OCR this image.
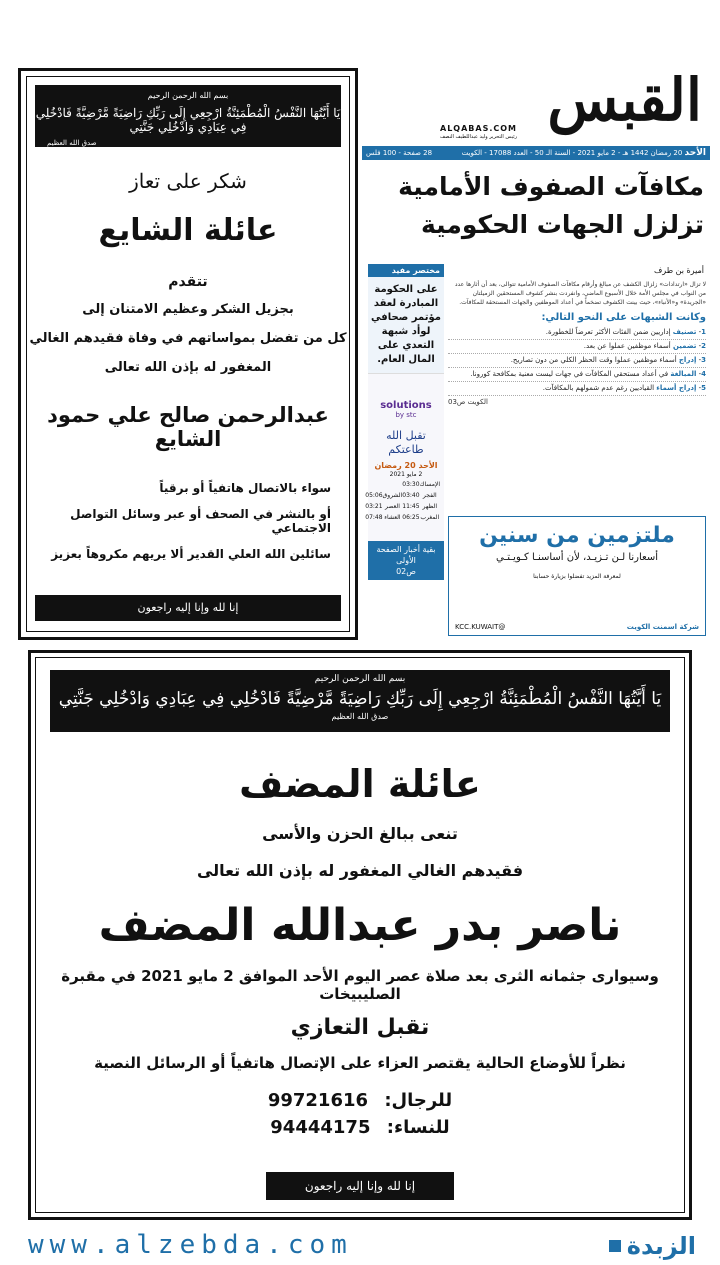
بسم الله الرحمن الرحيم
يَا أَيَّتُهَا النَّفْسُ الْمُطْمَئِنَّةُ ارْجِعِي إِلَى رَبِّكِ رَاضِيَةً مَّرْضِيَّةً فَادْخُلِي فِي عِبَادِي وَادْخُلِي جَنَّتِي
صدق الله العظيم
شكر على تعاز
عائلة الشايع
تتقدم
بجزيل الشكر وعظيم الامتنان إلى
كل من تفضل بمواساتهم في وفاة فقيدهم الغالي
المغفور له بإذن الله تعالى
عبدالرحمن صالح علي حمود الشايع
سواء بالاتصال هاتفياً أو برقياً
أو بالنشر في الصحف أو عبر وسائل التواصل الاجتماعي
سائلين الله العلي القدير ألا يريهم مكروهاً بعزيز
إنا لله وإنا إليه راجعون
القبس
ALQABAS.COM
رئيس التحرير وليد عبداللطيف النصف
الأحد 20 رمضان 1442 هـ - 2 مايو 2021 - السنة الـ 50 - العدد 17088 - الكويت
28 صفحة - 100 فلس
مكافآت الصفوف الأمامية
تزلزل الجهات الحكومية
أميرة بن طرف

لا تزال «ارتدادات» زلزال الكشف عن مبالغ وأرقام مكافآت الصفوف الأمامية تتوالى، بعد أن أثارها عدد من النواب في مجلس الأمة خلال الأسبوع الماضي، وانفردت بنشر كشوف المستحقين الزميلتان «الجريدة» و«الأنباء»، حيث بينت الكشوف تضخماً في أعداد الموظفين والجهات المستحقة للمكافآت.

وكانت الشبهات على النحو التالي:
1- تصنيف إداريين ضمن الفئات الأكثر تعرضاً للخطورة.
2- تضمين أسماء موظفين عملوا عن بعد.
3- إدراج أسماء موظفين عملوا وقت الحظر الكلي من دون تصاريح.
4- المبالغة في أعداد مستحقي المكافآت في جهات ليست معنية بمكافحة كورونا.
5- إدراج أسماء القياديين رغم عدم شمولهم بالمكافآت.
الكويت ص03
مختصر مفيد
على الحكومة المبادرة لعقد مؤتمر صحافي لوأد شبهة التعدي على المال العام.
solutions
by stc
تقبل الله طاعتكم
الأحد 20 رمضان
2 مايو 2021
الإمساك	03:30		
الفجر	03:40	الشروق	05:06
الظهر	11:45	العصر	03:21
المغرب	06:25	العشاء	07:48
بقية أخبار الصفحة الأولى
ص02
ملتزمين من سنين
أسعارنا لـن تـزيـد، لأن أساسنـا كـويـتـي
لمعرفة المزيد تفضلوا بزيارة حسابنا
شركة اسمنت الكويت
@KCC.KUWAIT
بسم الله الرحمن الرحيم
يَا أَيَّتُهَا النَّفْسُ الْمُطْمَئِنَّةُ ارْجِعِي إِلَى رَبِّكِ رَاضِيَةً مَّرْضِيَّةً فَادْخُلِي فِي عِبَادِي وَادْخُلِي جَنَّتِي
صدق الله العظيم
عائلة المضف
تنعى ببالغ الحزن والأسى
فقيدهم الغالي المغفور له بإذن الله تعالى
ناصر بدر عبدالله المضف
وسيوارى جثمانه الثرى بعد صلاة عصر اليوم الأحد الموافق 2 مايو 2021 في مقبرة الصليبيخات
تقبل التعازي
نظراً للأوضاع الحالية يقتصر العزاء على الإتصال هاتفياً أو الرسائل النصية
للرجال: 99721616
للنساء: 94444175
إنا لله وإنا إليه راجعون
www.alzebda.com	الزبدة
